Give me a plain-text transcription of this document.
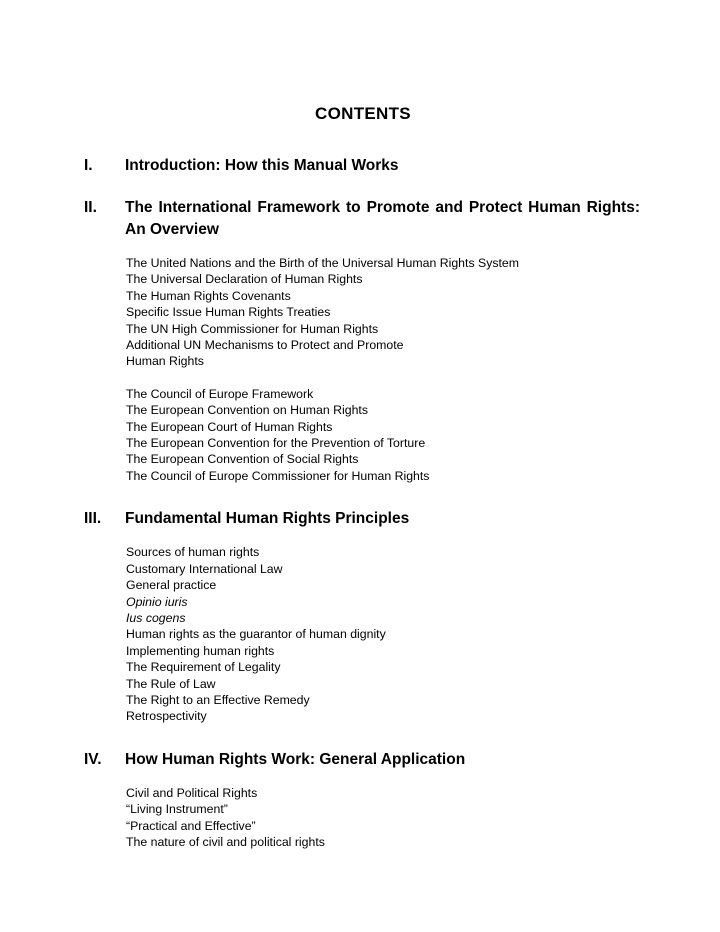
CONTENTS
I.	Introduction: How this Manual Works
II.	The International Framework to Promote and Protect Human Rights: An Overview
The United Nations and the Birth of the Universal Human Rights System
The Universal Declaration of Human Rights
The Human Rights Covenants
Specific Issue Human Rights Treaties
The UN High Commissioner for Human Rights
Additional UN Mechanisms to Protect and Promote
Human Rights
The Council of Europe Framework
The European Convention on Human Rights
The European Court of Human Rights
The European Convention for the Prevention of Torture
The European Convention of Social Rights
The Council of Europe Commissioner for Human Rights
III.	Fundamental Human Rights Principles
Sources of human rights
Customary International Law
General practice
Opinio iuris
Ius cogens
Human rights as the guarantor of human dignity
Implementing human rights
The Requirement of Legality
The Rule of Law
The Right to an Effective Remedy
Retrospectivity
IV.	How Human Rights Work: General Application
Civil and Political Rights
“Living Instrument”
“Practical and Effective”
The nature of civil and political rights
